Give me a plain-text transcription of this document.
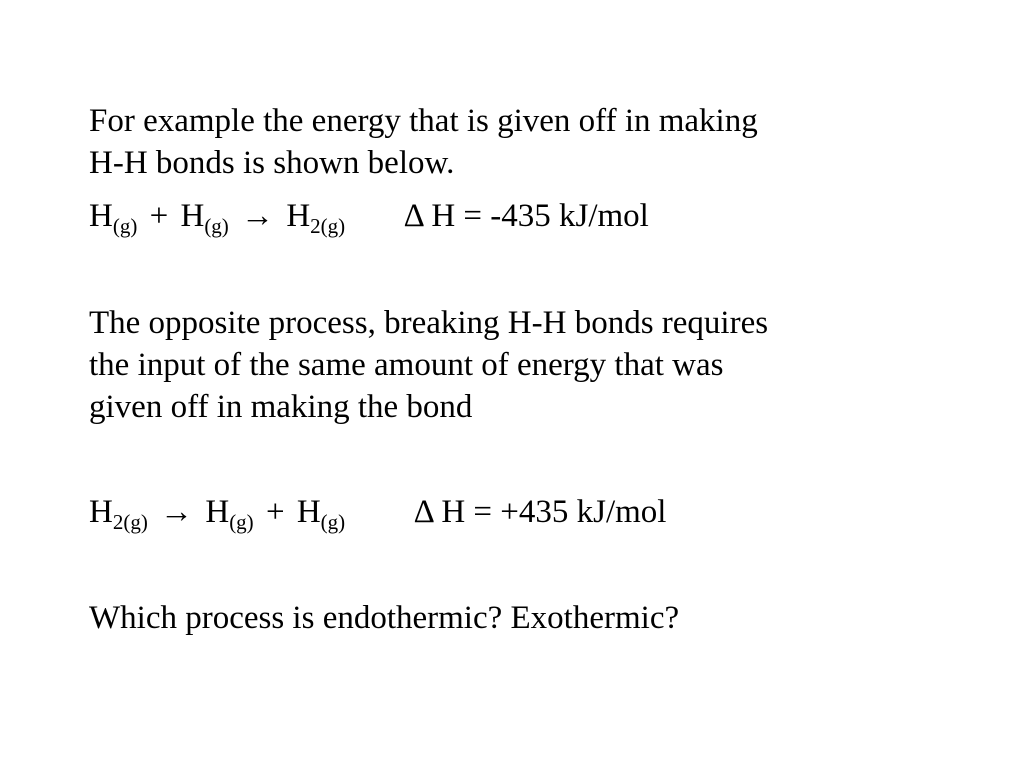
For example the energy that is given off in making
H-H bonds is shown below.
$H_{(g)} + H_{(g)} \to H_{2(g)}$ Δ H = -435 kJ/mol
The opposite process, breaking H-H bonds requires
the input of the same amount of energy that was
given off in making the bond
$H_{2(g)} \to H_{(g)} + H_{(g)}$ Δ H = +435 kJ/mol
Which process is endothermic? Exothermic?
